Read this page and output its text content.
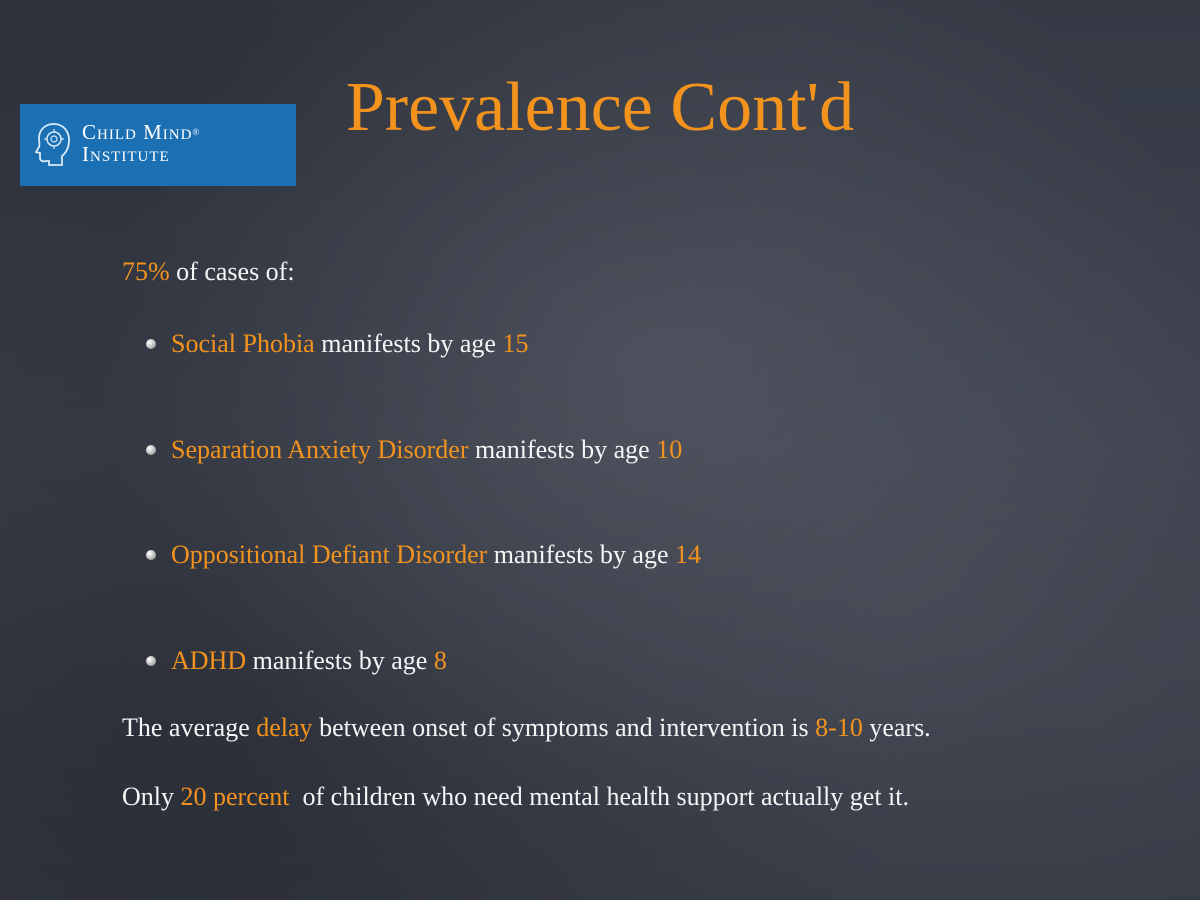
Child Mind®
Institute
Prevalence Cont'd
75% of cases of:
Social Phobia manifests by age 15
Separation Anxiety Disorder manifests by age 10
Oppositional Defiant Disorder manifests by age 14
ADHD manifests by age 8
The average delay between onset of symptoms and intervention is 8-10 years.
Only 20 percent  of children who need mental health support actually get it.
